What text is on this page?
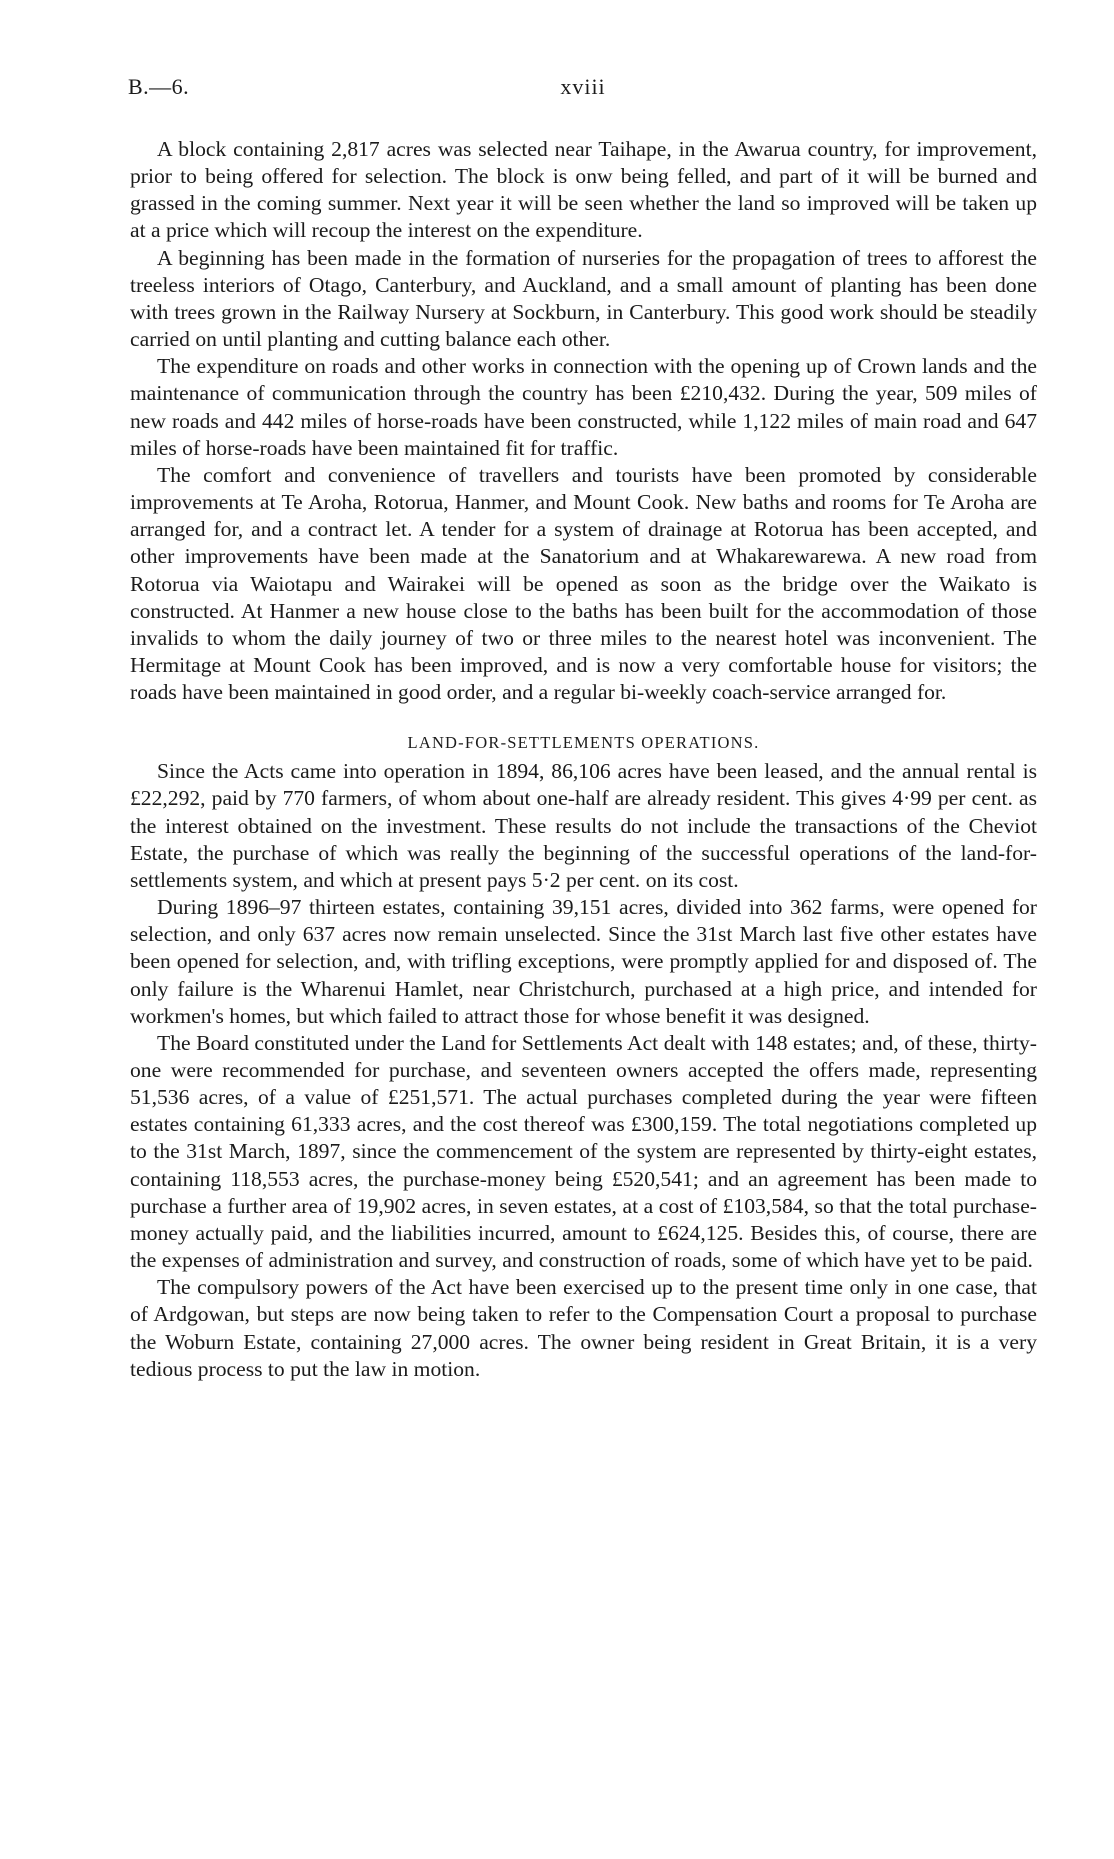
B.—6.	xviii

A block containing 2,817 acres was selected near Taihape, in the Awarua country, for improvement, prior to being offered for selection. The block is onw being felled, and part of it will be burned and grassed in the coming summer. Next year it will be seen whether the land so improved will be taken up at a price which will recoup the interest on the expenditure.

A beginning has been made in the formation of nurseries for the propagation of trees to afforest the treeless interiors of Otago, Canterbury, and Auckland, and a small amount of planting has been done with trees grown in the Railway Nursery at Sockburn, in Canterbury. This good work should be steadily carried on until planting and cutting balance each other.

The expenditure on roads and other works in connection with the opening up of Crown lands and the maintenance of communication through the country has been £210,432. During the year, 509 miles of new roads and 442 miles of horse-roads have been constructed, while 1,122 miles of main road and 647 miles of horse-roads have been maintained fit for traffic.

The comfort and convenience of travellers and tourists have been promoted by considerable improvements at Te Aroha, Rotorua, Hanmer, and Mount Cook. New baths and rooms for Te Aroha are arranged for, and a contract let. A tender for a system of drainage at Rotorua has been accepted, and other improvements have been made at the Sanatorium and at Whakarewarewa. A new road from Rotorua via Waiotapu and Wairakei will be opened as soon as the bridge over the Waikato is constructed. At Hanmer a new house close to the baths has been built for the accommodation of those invalids to whom the daily journey of two or three miles to the nearest hotel was inconvenient. The Hermitage at Mount Cook has been improved, and is now a very comfortable house for visitors; the roads have been maintained in good order, and a regular bi-weekly coach-service arranged for.

LAND-FOR-SETTLEMENTS OPERATIONS.

Since the Acts came into operation in 1894, 86,106 acres have been leased, and the annual rental is £22,292, paid by 770 farmers, of whom about one-half are already resident. This gives 4·99 per cent. as the interest obtained on the investment. These results do not include the transactions of the Cheviot Estate, the purchase of which was really the beginning of the successful operations of the land-for-settlements system, and which at present pays 5·2 per cent. on its cost.

During 1896–97 thirteen estates, containing 39,151 acres, divided into 362 farms, were opened for selection, and only 637 acres now remain unselected. Since the 31st March last five other estates have been opened for selection, and, with trifling exceptions, were promptly applied for and disposed of. The only failure is the Wharenui Hamlet, near Christchurch, purchased at a high price, and intended for workmen's homes, but which failed to attract those for whose benefit it was designed.

The Board constituted under the Land for Settlements Act dealt with 148 estates; and, of these, thirty-one were recommended for purchase, and seventeen owners accepted the offers made, representing 51,536 acres, of a value of £251,571. The actual purchases completed during the year were fifteen estates containing 61,333 acres, and the cost thereof was £300,159. The total negotiations completed up to the 31st March, 1897, since the commencement of the system are represented by thirty-eight estates, containing 118,553 acres, the purchase-money being £520,541; and an agreement has been made to purchase a further area of 19,902 acres, in seven estates, at a cost of £103,584, so that the total purchase-money actually paid, and the liabilities incurred, amount to £624,125. Besides this, of course, there are the expenses of administration and survey, and construction of roads, some of which have yet to be paid.

The compulsory powers of the Act have been exercised up to the present time only in one case, that of Ardgowan, but steps are now being taken to refer to the Compensation Court a proposal to purchase the Woburn Estate, containing 27,000 acres. The owner being resident in Great Britain, it is a very tedious process to put the law in motion.
